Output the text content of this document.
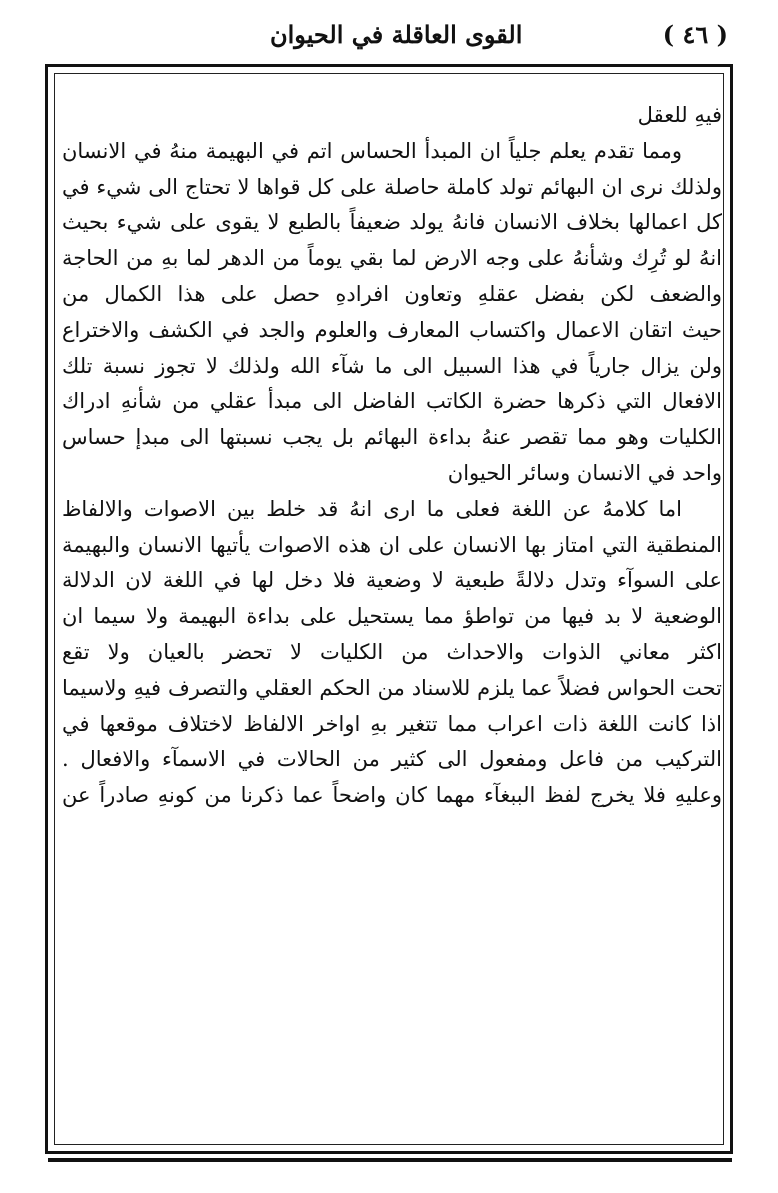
( ٤٦ )
القوى العاقلة في الحيوان
فيهِ للعقل
ومما تقدم يعلم جلياً ان المبدأ الحساس اتم في البهيمة منهُ في الانسان
ولذلك نرى ان البهائم تولد كاملة حاصلة على كل قواها لا تحتاج الى شيء في
كل اعمالها بخلاف الانسان فانهُ يولد ضعيفاً بالطبع لا يقوى على شيء بحيث
انهُ لو تُرِك وشأنهُ على وجه الارض لما بقي يوماً من الدهر لما بهِ من الحاجة
والضعف لكن بفضل عقلهِ وتعاون افرادهِ حصل على هذا الكمال من
حيث اتقان الاعمال واكتساب المعارف والعلوم والجد في الكشف والاختراع
ولن يزال جارياً في هذا السبيل الى ما شآء الله ولذلك لا تجوز نسبة تلك
الافعال التي ذكرها حضرة الكاتب الفاضل الى مبدأ عقلي من شأنهِ ادراك
الكليات وهو مما تقصر عنهُ بداءة البهائم بل يجب نسبتها الى مبدإ حساس
واحد في الانسان وسائر الحيوان
اما كلامهُ عن اللغة فعلى ما ارى انهُ قد خلط بين الاصوات والالفاظ
المنطقية التي امتاز بها الانسان على ان هذه الاصوات يأتيها الانسان والبهيمة
على السوآء وتدل دلالةً طبعية لا وضعية فلا دخل لها في اللغة لان الدلالة
الوضعية لا بد فيها من تواطؤ مما يستحيل على بداءة البهيمة ولا سيما ان
اكثر معاني الذوات والاحداث من الكليات لا تحضر بالعيان ولا تقع
تحت الحواس فضلاً عما يلزم للاسناد من الحكم العقلي والتصرف فيهِ ولاسيما
اذا كانت اللغة ذات اعراب مما تتغير بهِ اواخر الالفاظ لاختلاف موقعها في
التركيب من فاعل ومفعول الى كثير من الحالات في الاسمآء والافعال .
وعليهِ فلا يخرج لفظ الببغآء مهما كان واضحاً عما ذكرنا من كونهِ صادراً عن
